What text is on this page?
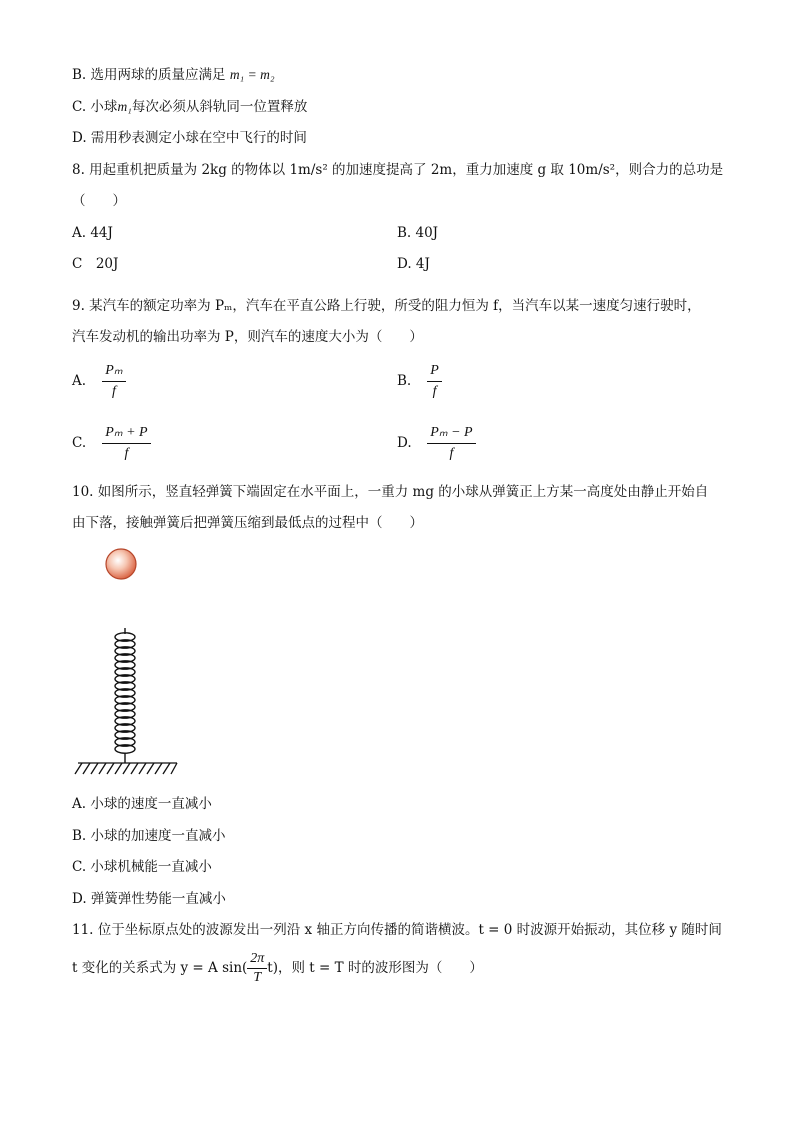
B. 选用两球的质量应满足 m₁ = m₂
C. 小球m₁每次必须从斜轨同一位置释放
D. 需用秒表测定小球在空中飞行的时间
8. 用起重机把质量为 2kg 的物体以 1m/s² 的加速度提高了 2m，重力加速度 g 取 10m/s²，则合力的总功是
（　　）
A. 44J	B. 40J
C　20J	D. 4J
9. 某汽车的额定功率为 Pₘ，汽车在平直公路上行驶，所受的阻力恒为 f，当汽车以某一速度匀速行驶时，
汽车发动机的输出功率为 P，则汽车的速度大小为（　　）
A. $\frac{\text{Pₘ}}{f}$	B. $\frac{P}{f}$
C. $\frac{\text{Pₘ + P}}{f}$	D. $\frac{\text{Pₘ − P}}{f}$
10. 如图所示，竖直轻弹簧下端固定在水平面上，一重力 mg 的小球从弹簧正上方某一高度处由静止开始自
由下落，接触弹簧后把弹簧压缩到最低点的过程中（　　）
A. 小球的速度一直减小
B. 小球的加速度一直减小
C. 小球机械能一直减小
D. 弹簧弹性势能一直减小
11. 位于坐标原点处的波源发出一列沿 x 轴正方向传播的简谐横波。t = 0 时波源开始振动，其位移 y 随时间
t 变化的关系式为 y = A $\sin( \frac{2\pi}{T} t)$，则 t = T 时的波形图为（　　）
